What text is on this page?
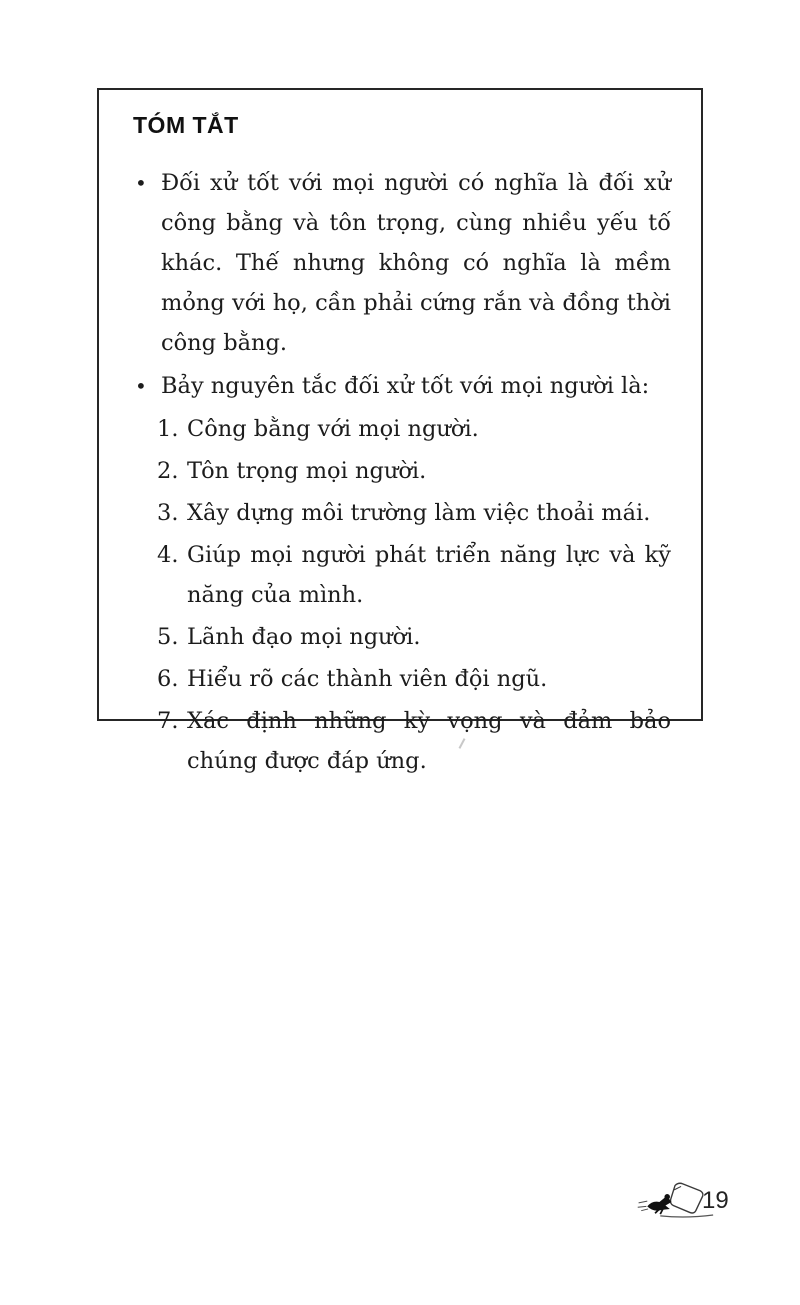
TÓM TẮT
• Đối xử tốt với mọi người có nghĩa là đối xử công bằng và tôn trọng, cùng nhiều yếu tố khác. Thế nhưng không có nghĩa là mềm mỏng với họ, cần phải cứng rắn và đồng thời công bằng.

• Bảy nguyên tắc đối xử tốt với mọi người là:

1. Công bằng với mọi người.

2. Tôn trọng mọi người.

3. Xây dựng môi trường làm việc thoải mái.

4. Giúp mọi người phát triển năng lực và kỹ năng của mình.

5. Lãnh đạo mọi người.

6. Hiểu rõ các thành viên đội ngũ.

7. Xác định những kỳ vọng và đảm bảo chúng được đáp ứng.

19
